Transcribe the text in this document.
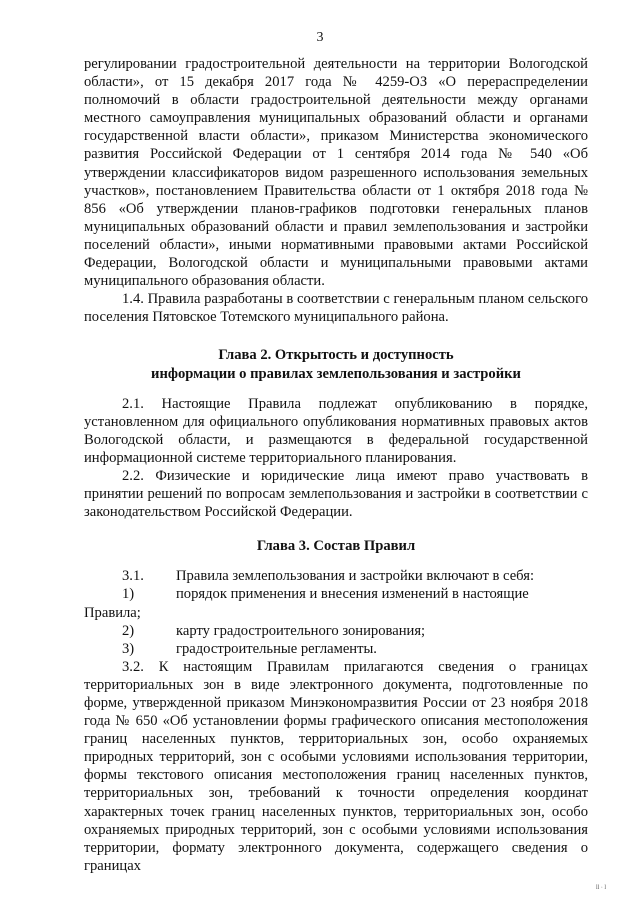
3

регулировании градостроительной деятельности на территории Вологодской области», от 15 декабря 2017 года № 4259-ОЗ «О перераспределении полномочий в области градостроительной деятельности между органами местного самоуправления муниципальных образований области и органами государственной власти области», приказом Министерства экономического развития Российской Федерации от 1 сентября 2014 года № 540 «Об утверждении классификаторов видом разрешенного использования земельных участков», постановлением Правительства области от 1 октября 2018 года № 856 «Об утверждении планов-графиков подготовки генеральных планов муниципальных образований области и правил землепользования и застройки поселений области», иными нормативными правовыми актами Российской Федерации, Вологодской области и муниципальными правовыми актами муниципального образования области.

1.4. Правила разработаны в соответствии с генеральным планом сельского поселения Пятовское Тотемского муниципального района.

Глава 2. Открытость и доступность

информации о правилах землепользования и застройки

2.1. Настоящие Правила подлежат опубликованию в порядке, установленном для официального опубликования нормативных правовых актов Вологодской области, и размещаются в федеральной государственной информационной системе территориального планирования.

2.2. Физические и юридические лица имеют право участвовать в принятии решений по вопросам землепользования и застройки в соответствии с законодательством Российской Федерации.

Глава 3. Состав Правил

3.1.	Правила землепользования и застройки включают в себя:
1)	порядок применения и внесения изменений в настоящие

Правила;

2)	карту градостроительного зонирования;
3)	градостроительные регламенты.

3.2. К настоящим Правилам прилагаются сведения о границах территориальных зон в виде электронного документа, подготовленные по форме, утвержденной приказом Минэкономразвития России от 23 ноября 2018 года № 650 «Об установлении формы графического описания местоположения границ населенных пунктов, территориальных зон, особо охраняемых природных территорий, зон с особыми условиями использования территории, формы текстового описания местоположения границ населенных пунктов, территориальных зон, требований к точности определения координат характерных точек границ населенных пунктов, территориальных зон, особо охраняемых природных территорий, зон с особыми условиями использования территории, формату электронного документа, содержащего сведения о границах

ll · l
